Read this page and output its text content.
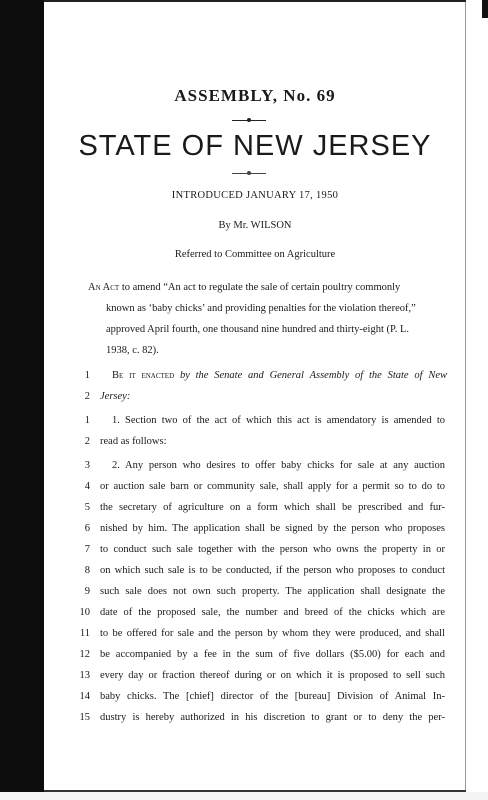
ASSEMBLY, No. 69
STATE OF NEW JERSEY
INTRODUCED JANUARY 17, 1950
By Mr. WILSON
Referred to Committee on Agriculture
An Act to amend “An act to regulate the sale of certain poultry commonly
known as ‘baby chicks’ and providing penalties for the violation thereof,”
approved April fourth, one thousand nine hundred and thirty-eight (P. L.
1938, c. 82).
1 Be it enacted by the Senate and General Assembly of the State of New
2 Jersey:
1 1. Section two of the act of which this act is amendatory is amended to
2 read as follows:
3 2. Any person who desires to offer baby chicks for sale at any auction
4 or auction sale barn or community sale, shall apply for a permit so to do to
5 the secretary of agriculture on a form which shall be prescribed and fur-
6 nished by him. The application shall be signed by the person who proposes
7 to conduct such sale together with the person who owns the property in or
8 on which such sale is to be conducted, if the person who proposes to conduct
9 such sale does not own such property. The application shall designate the
10 date of the proposed sale, the number and breed of the chicks which are
11 to be offered for sale and the person by whom they were produced, and shall
12 be accompanied by a fee in the sum of five dollars ($5.00) for each and
13 every day or fraction thereof during or on which it is proposed to sell such
14 baby chicks. The [chief] director of the [bureau] Division of Animal In-
15 dustry is hereby authorized in his discretion to grant or to deny the per-
